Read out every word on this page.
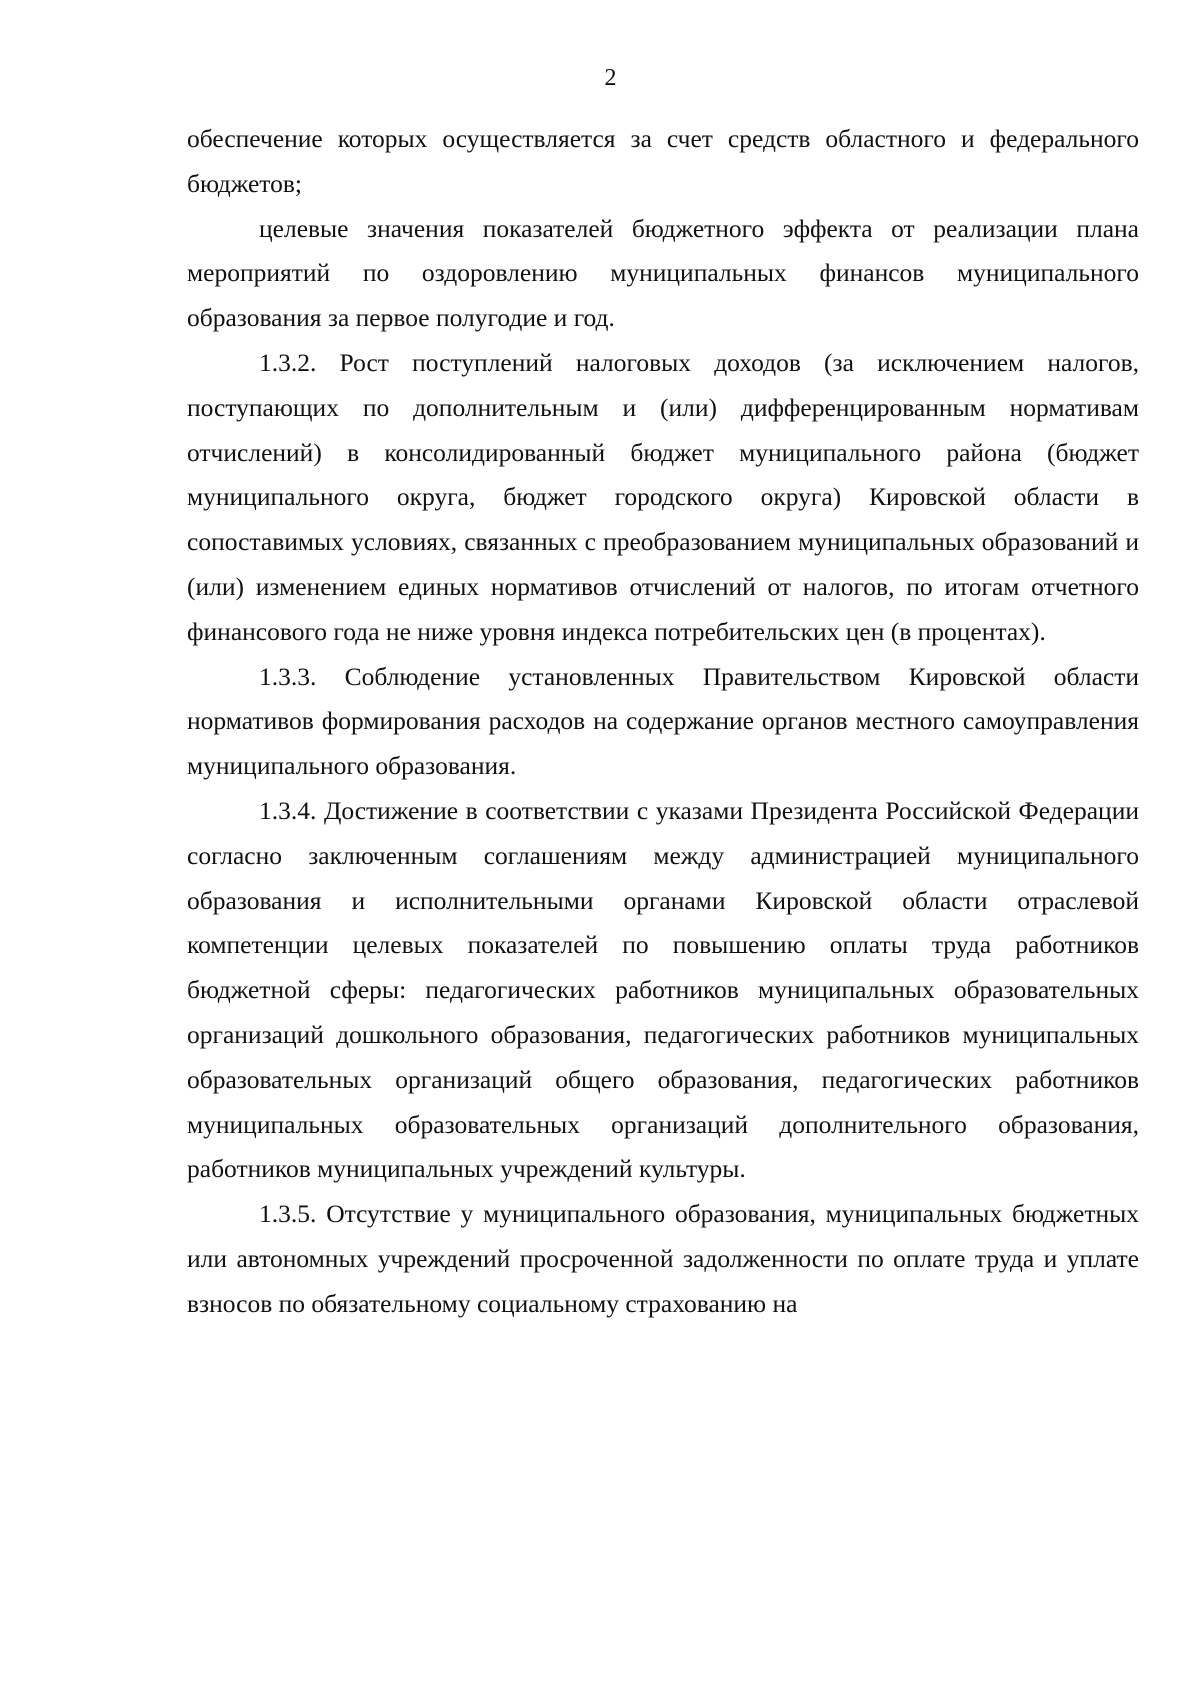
2

обеспечение которых осуществляется за счет средств областного и федерального бюджетов;

целевые значения показателей бюджетного эффекта от реализации плана мероприятий по оздоровлению муниципальных финансов муниципального образования за первое полугодие и год.

1.3.2. Рост поступлений налоговых доходов (за исключением налогов, поступающих по дополнительным и (или) дифференцированным нормативам отчислений) в консолидированный бюджет муниципального района (бюджет муниципального округа, бюджет городского округа) Кировской области в сопоставимых условиях, связанных с преобразованием муниципальных образований и (или) изменением единых нормативов отчислений от налогов, по итогам отчетного финансового года не ниже уровня индекса потребительских цен (в процентах).

1.3.3. Соблюдение установленных Правительством Кировской области нормативов формирования расходов на содержание органов местного самоуправления муниципального образования.

1.3.4. Достижение в соответствии с указами Президента Российской Федерации согласно заключенным соглашениям между администрацией муниципального образования и исполнительными органами Кировской области отраслевой компетенции целевых показателей по повышению оплаты труда работников бюджетной сферы: педагогических работников муниципальных образовательных организаций дошкольного образования, педагогических работников муниципальных образовательных организаций общего образования, педагогических работников муниципальных образовательных организаций дополнительного образования, работников муниципальных учреждений культуры.

1.3.5. Отсутствие у муниципального образования, муниципальных бюджетных или автономных учреждений просроченной задолженности по оплате труда и уплате взносов по обязательному социальному страхованию на
